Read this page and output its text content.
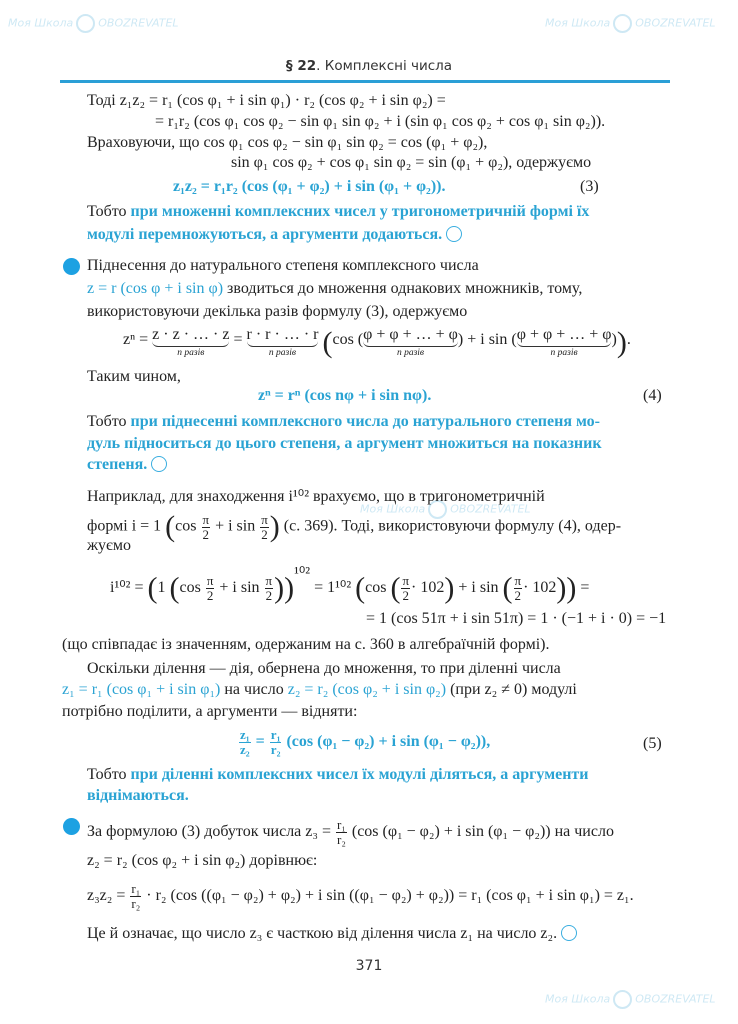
Моя Школа OBOZREVATEL	Моя Школа OBOZREVATEL
Моя Школа OBOZREVATEL
Моя Школа OBOZREVATEL
§ 22. Комплексні числа
Тоді z₁z₂ = r₁ (cos φ₁ + i sin φ₁) · r₂ (cos φ₂ + i sin φ₂) =
= r₁r₂ (cos φ₁ cos φ₂ − sin φ₁ sin φ₂ + i (sin φ₁ cos φ₂ + cos φ₁ sin φ₂)).
Враховуючи, що cos φ₁ cos φ₂ − sin φ₁ sin φ₂ = cos (φ₁ + φ₂),
sin φ₁ cos φ₂ + cos φ₁ sin φ₂ = sin (φ₁ + φ₂), одержуємо
z₁z₂ = r₁r₂ (cos (φ₁ + φ₂) + i sin (φ₁ + φ₂)).	(3)
Тобто при множенні комплексних чисел у тригонометричній формі їх
модулі перемножуються, а аргументи додаються.
Піднесення до натурального степеня комплексного числа
z = r (cos φ + i sin φ) зводиться до множення однакових множників, тому,
використовуючи декілька разів формулу (3), одержуємо
zⁿ = z · z · … · z
n разів
= r · r · … · r
n разів (cos ( φ + φ + … + φ
n разів
) + i sin ( φ + φ + … + φ
n разів
)).
Таким чином,
zⁿ = rⁿ (cos nφ + i sin nφ).	(4)
Тобто при піднесенні комплексного числа до натурального степеня мо-
дуль підноситься до цього степеня, а аргумент множиться на показник
степеня.
Наприклад, для знаходження i¹⁰² врахуємо, що в тригонометричній
формі i = 1 ($\cos \frac{\pi}{2} + i$ $\sin \frac{\pi}{2}$ ) (c. 369). Тоді, використовуючи формулу (4), одер-
жуємо
i¹⁰² = (1 ($\cos \frac{\pi}{2} + i$ $\sin \frac{\pi}{2} ))^{102} = 1^{102}$ (cos ( $\frac{\pi}{2} \cdot 102) + i$ sin ( $\frac{\pi}{2} \cdot 102$)) =
= 1 (cos 51π + i sin 51π) = 1 · (−1 + i · 0) = −1
(що співпадає із значенням, одержаним на с. 360 в алгебраїчній формі).
Оскільки ділення — дія, обернена до множення, то при діленні числа
z₁ = r₁ (cos φ₁ + i sin φ₁) на число z₂ = r₂ (cos φ₂ + i sin φ₂) (при z₂ ≠ 0) модулі
потрібно поділити, а аргументи — відняти:
$\frac{\text{z₁}}{\text{z₂}} = \frac{\text{r₁}}{\text{r₂}} (\cos$ (φ₁ − φ₂) + i sin (φ₁ − φ₂)),	(5)
Тобто при діленні комплексних чисел їх модулі діляться, а аргументи
віднімаються.
За формулою (3) добуток числа $z_3 = \frac{\text{r₁}}{\text{r₂}} (\cos$ (φ₁ − φ₂) + i sin (φ₁ − φ₂)) на число
z₂ = r₂ (cos φ₂ + i sin φ₂) дорівнює:
$z_3z_2 = \frac{\text{r₁}}{\text{r₂}} \cdot r_2$ (cos ((φ₁ − φ₂) + φ₂) + i sin ((φ₁ − φ₂) + φ₂)) = r₁ (cos φ₁ + i sin φ₁) = z₁.
Це й означає, що число z₃ є часткою від ділення числа z₁ на число z₂.
371
